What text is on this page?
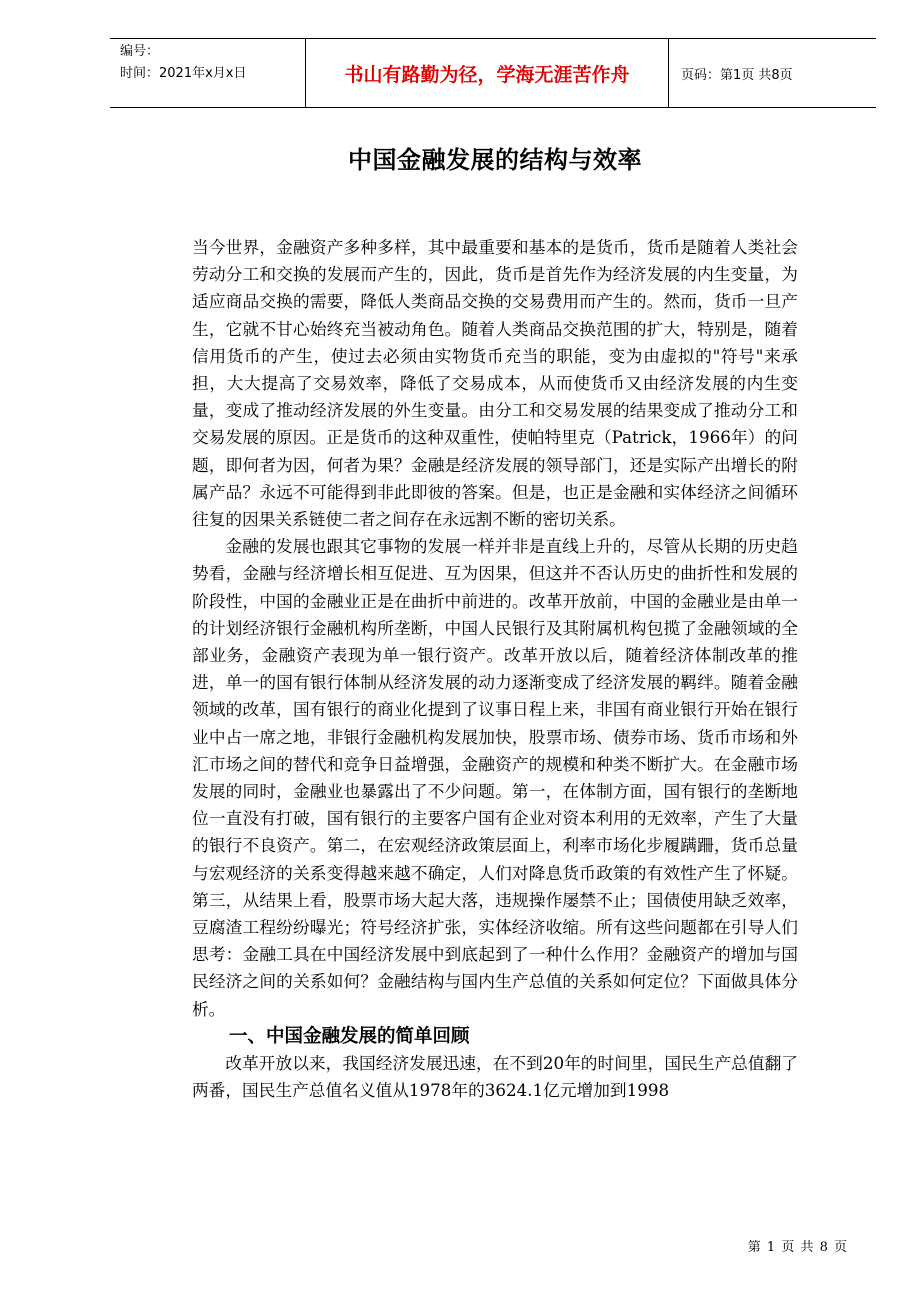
编号：
时间：2021年x月x日	书山有路勤为径，学海无涯苦作舟	页码：第1页 共8页
中国金融发展的结构与效率

当今世界，金融资产多种多样，其中最重要和基本的是货币，货币是随着人类社会劳动分工和交换的发展而产生的，因此，货币是首先作为经济发展的内生变量，为适应商品交换的需要，降低人类商品交换的交易费用而产生的。然而，货币一旦产生，它就不甘心始终充当被动角色。随着人类商品交换范围的扩大，特别是，随着信用货币的产生，使过去必须由实物货币充当的职能，变为由虚拟的"符号"来承担，大大提高了交易效率，降低了交易成本，从而使货币又由经济发展的内生变量，变成了推动经济发展的外生变量。由分工和交易发展的结果变成了推动分工和交易发展的原因。正是货币的这种双重性，使帕特里克（Patrick，1966年）的问题，即何者为因，何者为果？金融是经济发展的领导部门，还是实际产出增长的附属产品？永远不可能得到非此即彼的答案。但是，也正是金融和实体经济之间循环往复的因果关系链使二者之间存在永远割不断的密切关系。

金融的发展也跟其它事物的发展一样并非是直线上升的，尽管从长期的历史趋势看，金融与经济增长相互促进、互为因果，但这并不否认历史的曲折性和发展的阶段性，中国的金融业正是在曲折中前进的。改革开放前，中国的金融业是由单一的计划经济银行金融机构所垄断，中国人民银行及其附属机构包揽了金融领域的全部业务，金融资产表现为单一银行资产。改革开放以后，随着经济体制改革的推进，单一的国有银行体制从经济发展的动力逐渐变成了经济发展的羁绊。随着金融领域的改革，国有银行的商业化提到了议事日程上来，非国有商业银行开始在银行业中占一席之地，非银行金融机构发展加快，股票市场、债券市场、货币市场和外汇市场之间的替代和竞争日益增强，金融资产的规模和种类不断扩大。在金融市场发展的同时，金融业也暴露出了不少问题。第一，在体制方面，国有银行的垄断地位一直没有打破，国有银行的主要客户国有企业对资本利用的无效率，产生了大量的银行不良资产。第二，在宏观经济政策层面上，利率市场化步履蹒跚，货币总量与宏观经济的关系变得越来越不确定，人们对降息货币政策的有效性产生了怀疑。第三，从结果上看，股票市场大起大落，违规操作屡禁不止；国债使用缺乏效率，豆腐渣工程纷纷曝光；符号经济扩张，实体经济收缩。所有这些问题都在引导人们思考：金融工具在中国经济发展中到底起到了一种什么作用？金融资产的增加与国民经济之间的关系如何？金融结构与国内生产总值的关系如何定位？下面做具体分析。

一、中国金融发展的简单回顾

改革开放以来，我国经济发展迅速，在不到20年的时间里，国民生产总值翻了两番，国民生产总值名义值从1978年的3624.1亿元增加到1998

第 1 页 共 8 页
